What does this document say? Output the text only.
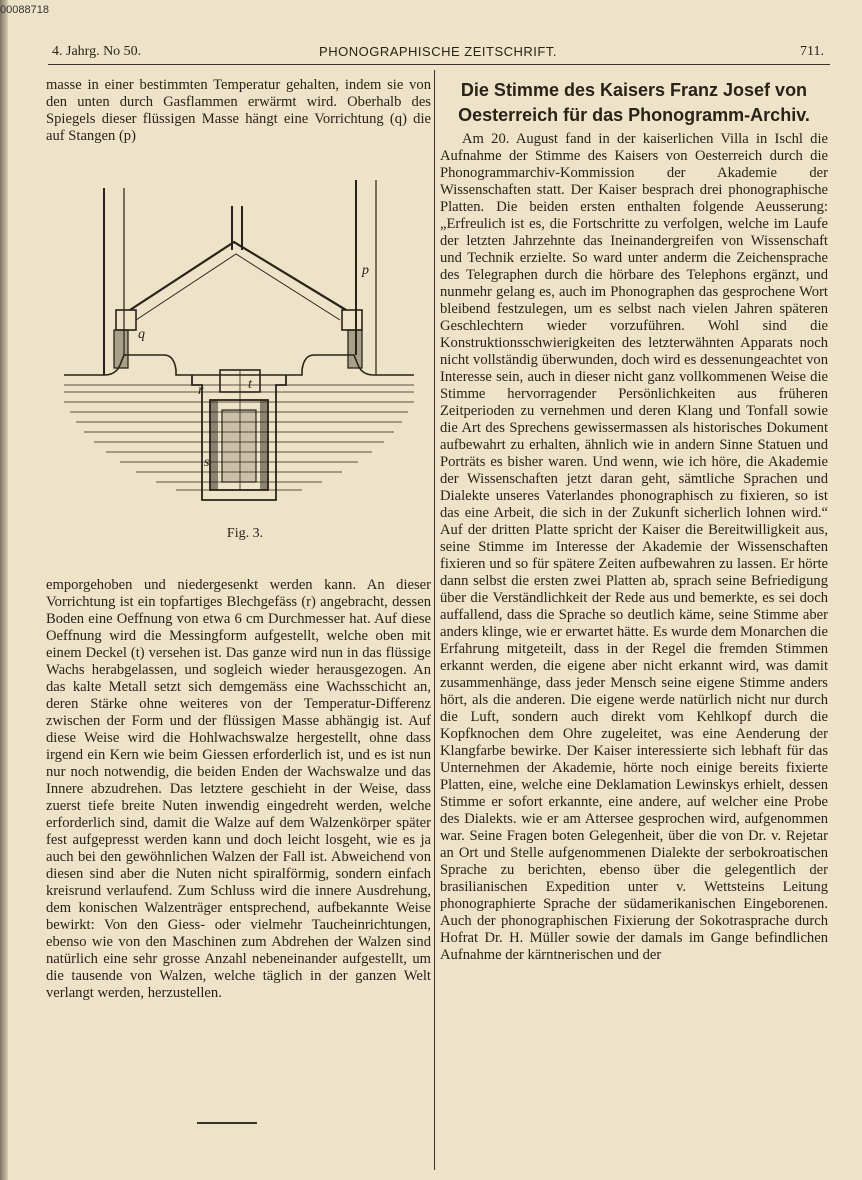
00088718
4. Jahrg. No 50.	PHONOGRAPHISCHE ZEITSCHRIFT.	711.

masse in einer bestimmten Temperatur gehalten, indem sie von den unten durch Gasflammen erwärmt wird. Oberhalb des Spiegels dieser flüssigen Masse hängt eine Vorrichtung (q) die auf Stangen (p)

p
q
r	t
s
Fig. 3.

emporgehoben und niedergesenkt werden kann. An dieser Vorrichtung ist ein topfartiges Blechgefäss (r) angebracht, dessen Boden eine Oeffnung von etwa 6 cm Durchmesser hat. Auf diese Oeffnung wird die Messingform aufgestellt, welche oben mit einem Deckel (t) versehen ist. Das ganze wird nun in das flüssige Wachs herabgelassen, und sogleich wieder herausgezogen. An das kalte Metall setzt sich demgemäss eine Wachsschicht an, deren Stärke ohne weiteres von der Temperatur-Differenz zwischen der Form und der flüssigen Masse abhängig ist. Auf diese Weise wird die Hohlwachswalze hergestellt, ohne dass irgend ein Kern wie beim Giessen erforderlich ist, und es ist nun nur noch notwendig, die beiden Enden der Wachswalze und das Innere abzudrehen. Das letztere geschieht in der Weise, dass zuerst tiefe breite Nuten inwendig eingedreht werden, welche erforderlich sind, damit die Walze auf dem Walzenkörper später fest aufgepresst werden kann und doch leicht losgeht, wie es ja auch bei den gewöhnlichen Walzen der Fall ist. Abweichend von diesen sind aber die Nuten nicht spiralförmig, sondern einfach kreisrund verlaufend. Zum Schluss wird die innere Ausdrehung, dem konischen Walzenträger entsprechend, aufbekannte Weise bewirkt: Von den Giess- oder vielmehr Taucheinrichtungen, ebenso wie von den Maschinen zum Abdrehen der Walzen sind natürlich eine sehr grosse Anzahl nebeneinander aufgestellt, um die tausende von Walzen, welche täglich in der ganzen Welt verlangt werden, herzustellen.

Die Stimme des Kaisers Franz Josef von
Oesterreich für das Phonogramm-Archiv.

Am 20. August fand in der kaiserlichen Villa in Ischl die Aufnahme der Stimme des Kaisers von Oesterreich durch die Phonogrammarchiv-Kommission der Akademie der Wissenschaften statt. Der Kaiser besprach drei phonographische Platten. Die beiden ersten enthalten folgende Aeusserung: „Erfreulich ist es, die Fortschritte zu verfolgen, welche im Laufe der letzten Jahrzehnte das Ineinandergreifen von Wissenschaft und Technik erzielte. So ward unter anderm die Zeichensprache des Telegraphen durch die hörbare des Telephons ergänzt, und nunmehr gelang es, auch im Phonographen das gesprochene Wort bleibend festzulegen, um es selbst nach vielen Jahren späteren Geschlechtern wieder vorzuführen. Wohl sind die Konstruktionsschwierigkeiten des letzterwähnten Apparats noch nicht vollständig überwunden, doch wird es dessenungeachtet von Interesse sein, auch in dieser nicht ganz vollkommenen Weise die Stimme hervorragender Persönlichkeiten aus früheren Zeitperioden zu vernehmen und deren Klang und Tonfall sowie die Art des Sprechens gewissermassen als historisches Dokument aufbewahrt zu erhalten, ähnlich wie in andern Sinne Statuen und Porträts es bisher waren. Und wenn, wie ich höre, die Akademie der Wissenschaften jetzt daran geht, sämtliche Sprachen und Dialekte unseres Vaterlandes phonographisch zu fixieren, so ist das eine Arbeit, die sich in der Zukunft sicherlich lohnen wird.“ Auf der dritten Platte spricht der Kaiser die Bereitwilligkeit aus, seine Stimme im Interesse der Akademie der Wissenschaften fixieren und so für spätere Zeiten aufbewahren zu lassen. Er hörte dann selbst die ersten zwei Platten ab, sprach seine Befriedigung über die Verständlichkeit der Rede aus und bemerkte, es sei doch auffallend, dass die Sprache so deutlich käme, seine Stimme aber anders klinge, wie er erwartet hätte. Es wurde dem Monarchen die Erfahrung mitgeteilt, dass in der Regel die fremden Stimmen erkannt werden, die eigene aber nicht erkannt wird, was damit zusammenhänge, dass jeder Mensch seine eigene Stimme anders hört, als die anderen. Die eigene werde natürlich nicht nur durch die Luft, sondern auch direkt vom Kehlkopf durch die Kopfknochen dem Ohre zugeleitet, was eine Aenderung der Klangfarbe bewirke. Der Kaiser interessierte sich lebhaft für das Unternehmen der Akademie, hörte noch einige bereits fixierte Platten, eine, welche eine Deklamation Lewinskys erhielt, dessen Stimme er sofort erkannte, eine andere, auf welcher eine Probe des Dialekts. wie er am Attersee gesprochen wird, aufgenommen war. Seine Fragen boten Gelegenheit, über die von Dr. v. Rejetar an Ort und Stelle aufgenommenen Dialekte der serbokroatischen Sprache zu berichten, ebenso über die gelegentlich der brasilianischen Expedition unter v. Wettsteins Leitung phonographierte Sprache der südamerikanischen Eingeborenen. Auch der phonographischen Fixierung der Sokotrasprache durch Hofrat Dr. H. Müller sowie der damals im Gange befindlichen Aufnahme der kärntnerischen und der
